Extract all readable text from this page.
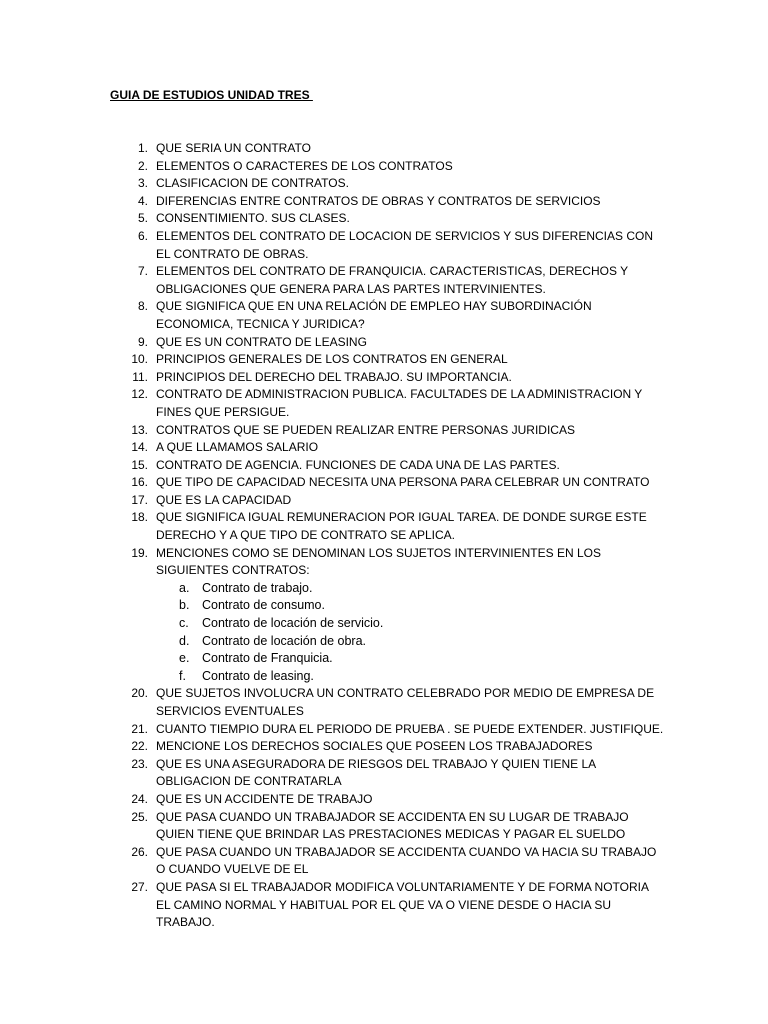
GUIA DE ESTUDIOS UNIDAD TRES
1. QUE SERIA UN CONTRATO
2. ELEMENTOS O CARACTERES DE LOS CONTRATOS
3. CLASIFICACION DE CONTRATOS.
4. DIFERENCIAS ENTRE CONTRATOS DE OBRAS Y CONTRATOS DE SERVICIOS
5. CONSENTIMIENTO. SUS CLASES.
6. ELEMENTOS DEL CONTRATO DE LOCACION DE SERVICIOS Y SUS DIFERENCIAS CON EL CONTRATO DE OBRAS.
7. ELEMENTOS DEL CONTRATO DE FRANQUICIA. CARACTERISTICAS, DERECHOS Y OBLIGACIONES QUE GENERA PARA LAS PARTES INTERVINIENTES.
8. QUE SIGNIFICA QUE EN UNA RELACIÓN DE EMPLEO HAY SUBORDINACIÓN ECONOMICA, TECNICA Y JURIDICA?
9. QUE ES UN CONTRATO DE LEASING
10. PRINCIPIOS GENERALES DE LOS CONTRATOS EN GENERAL
11. PRINCIPIOS DEL DERECHO DEL TRABAJO. SU IMPORTANCIA.
12. CONTRATO DE ADMINISTRACION PUBLICA. FACULTADES DE LA ADMINISTRACION Y FINES QUE PERSIGUE.
13. CONTRATOS QUE SE PUEDEN REALIZAR ENTRE PERSONAS JURIDICAS
14. A QUE LLAMAMOS SALARIO
15. CONTRATO DE AGENCIA. FUNCIONES DE CADA UNA DE LAS PARTES.
16. QUE TIPO DE CAPACIDAD NECESITA UNA PERSONA PARA CELEBRAR UN CONTRATO
17. QUE ES LA CAPACIDAD
18. QUE SIGNIFICA IGUAL REMUNERACION POR IGUAL TAREA. DE DONDE SURGE ESTE DERECHO Y A QUE TIPO DE CONTRATO SE APLICA.
19. MENCIONES COMO SE DENOMINAN LOS SUJETOS INTERVINIENTES EN LOS SIGUIENTES CONTRATOS:
a. Contrato de trabajo.
b. Contrato de consumo.
c. Contrato de locación de servicio.
d. Contrato de locación de obra.
e. Contrato de Franquicia.
f. Contrato de leasing.
20. QUE SUJETOS INVOLUCRA UN CONTRATO CELEBRADO POR MEDIO DE EMPRESA DE SERVICIOS EVENTUALES
21. CUANTO TIEMPIO DURA EL PERIODO DE PRUEBA . SE PUEDE EXTENDER. JUSTIFIQUE.
22. MENCIONE LOS DERECHOS SOCIALES QUE POSEEN LOS TRABAJADORES
23. QUE ES UNA ASEGURADORA DE RIESGOS DEL TRABAJO Y QUIEN TIENE LA OBLIGACION DE CONTRATARLA
24. QUE ES UN ACCIDENTE DE TRABAJO
25. QUE PASA CUANDO UN TRABAJADOR SE ACCIDENTA EN SU LUGAR DE TRABAJO QUIEN TIENE QUE BRINDAR LAS PRESTACIONES MEDICAS Y PAGAR EL SUELDO
26. QUE PASA CUANDO UN TRABAJADOR SE ACCIDENTA CUANDO VA HACIA SU TRABAJO O CUANDO VUELVE DE EL
27. QUE PASA SI EL TRABAJADOR MODIFICA VOLUNTARIAMENTE Y DE FORMA NOTORIA EL CAMINO NORMAL Y HABITUAL POR EL QUE VA O VIENE DESDE O HACIA SU TRABAJO.
